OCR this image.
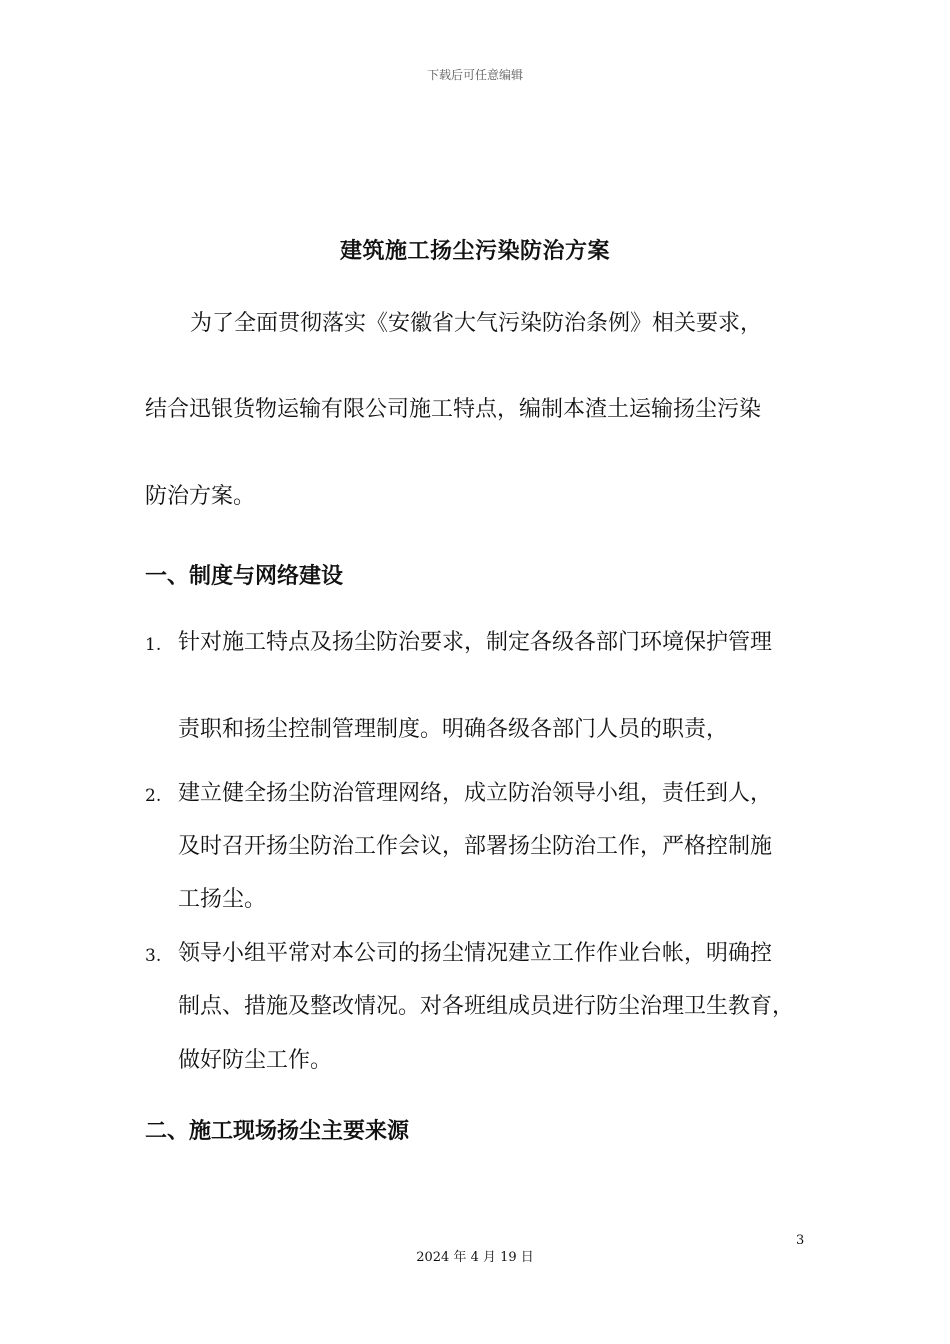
下载后可任意编辑
建筑施工扬尘污染防治方案
为了全面贯彻落实《安徽省大气污染防治条例》相关要求，
结合迅银货物运输有限公司施工特点，编制本渣土运输扬尘污染
防治方案。
一、制度与网络建设
1. 针对施工特点及扬尘防治要求，制定各级各部门环境保护管理
责职和扬尘控制管理制度。明确各级各部门人员的职责，
2. 建立健全扬尘防治管理网络，成立防治领导小组，责任到人，
及时召开扬尘防治工作会议，部署扬尘防治工作，严格控制施
工扬尘。
3. 领导小组平常对本公司的扬尘情况建立工作作业台帐，明确控
制点、措施及整改情况。对各班组成员进行防尘治理卫生教育，
做好防尘工作。
二、施工现场扬尘主要来源
3
2024 年 4 月 19 日
